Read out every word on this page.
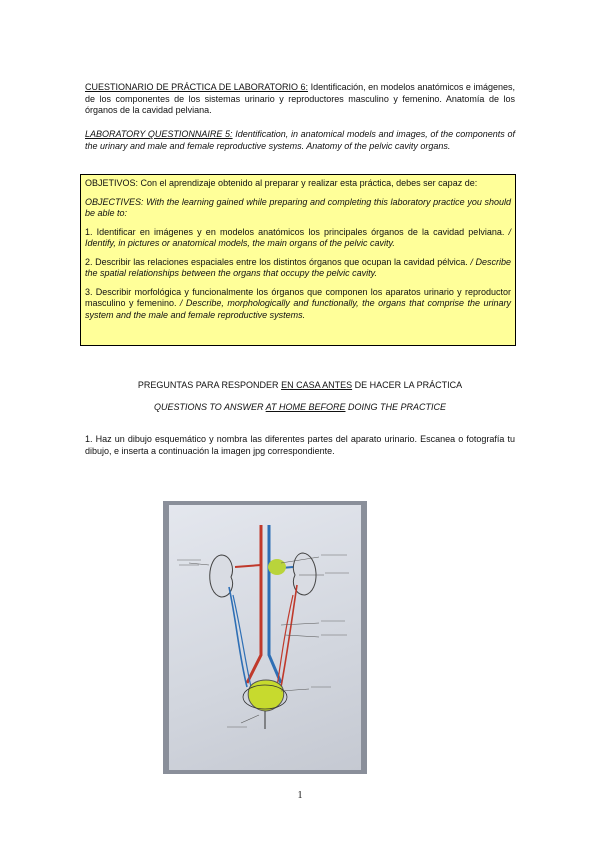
CUESTIONARIO DE PRÁCTICA DE LABORATORIO 6: Identificación, en modelos anatómicos e imágenes, de los componentes de los sistemas urinario y reproductores masculino y femenino. Anatomía de los órganos de la cavidad pelviana.
LABORATORY QUESTIONNAIRE 5: Identification, in anatomical models and images, of the components of the urinary and male and female reproductive systems. Anatomy of the pelvic cavity organs.

OBJETIVOS: Con el aprendizaje obtenido al preparar y realizar esta práctica, debes ser capaz de:

OBJECTIVES: With the learning gained while preparing and completing this laboratory practice you should be able to:

1. Identificar en imágenes y en modelos anatómicos los principales órganos de la cavidad pelviana. / Identify, in pictures or anatomical models, the main organs of the pelvic cavity.

2. Describir las relaciones espaciales entre los distintos órganos que ocupan la cavidad pélvica. / Describe the spatial relationships between the organs that occupy the pelvic cavity.

3. Describir morfológica y funcionalmente los órganos que componen los aparatos urinario y reproductor masculino y femenino. / Describe, morphologically and functionally, the organs that comprise the urinary system and the male and female reproductive systems.

PREGUNTAS PARA RESPONDER EN CASA ANTES DE HACER LA PRÁCTICA
QUESTIONS TO ANSWER AT HOME BEFORE DOING THE PRACTICE
1. Haz un dibujo esquemático y nombra las diferentes partes del aparato urinario. Escanea o fotografía tu dibujo, e inserta a continuación la imagen jpg correspondiente.
1
